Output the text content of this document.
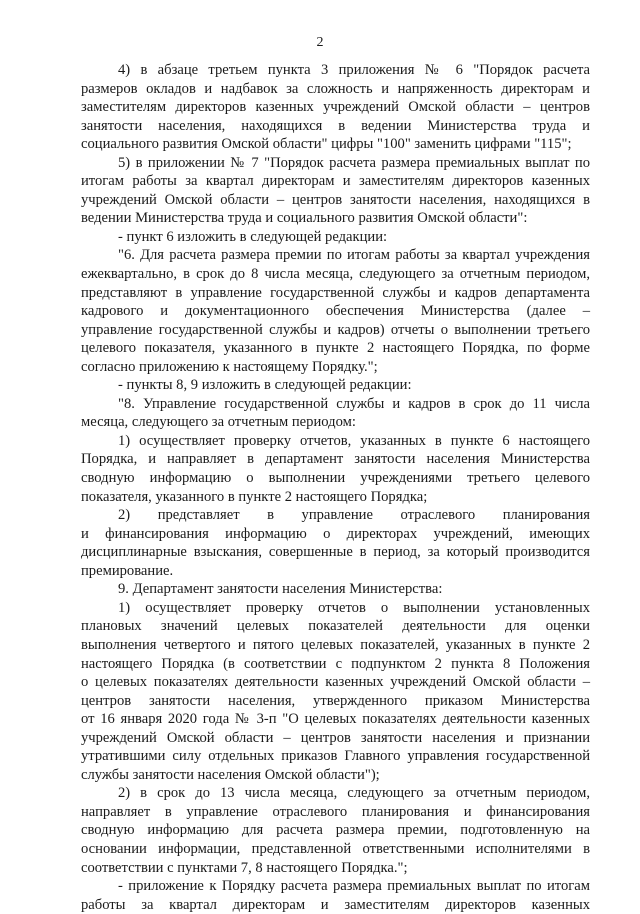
2
4) в абзаце третьем пункта 3 приложения № 6 "Порядок расчета
размеров окладов и надбавок за сложность и напряженность директорам и
заместителям директоров казенных учреждений Омской области – центров
занятости населения, находящихся в ведении Министерства труда и
социального развития Омской области" цифры "100" заменить цифрами "115";
5) в приложении № 7 "Порядок расчета размера премиальных выплат по
итогам работы за квартал директорам и заместителям директоров казенных
учреждений Омской области – центров занятости населения, находящихся в
ведении Министерства труда и социального развития Омской области":
- пункт 6 изложить в следующей редакции:
"6. Для расчета размера премии по итогам работы за квартал учреждения
ежеквартально, в срок до 8 числа месяца, следующего за отчетным периодом,
представляют в управление государственной службы и кадров департамента
кадрового и документационного обеспечения Министерства (далее –
управление государственной службы и кадров) отчеты о выполнении третьего
целевого показателя, указанного в пункте 2 настоящего Порядка, по форме
согласно приложению к настоящему Порядку.";
- пункты 8, 9 изложить в следующей редакции:
"8. Управление государственной службы и кадров в срок до 11 числа
месяца, следующего за отчетным периодом:
1) осуществляет проверку отчетов, указанных в пункте 6 настоящего
Порядка, и направляет в департамент занятости населения Министерства
сводную информацию о выполнении учреждениями третьего целевого
показателя, указанного в пункте 2 настоящего Порядка;
2) представляет в управление отраслевого планирования
и финансирования информацию о директорах учреждений, имеющих
дисциплинарные взыскания, совершенные в период, за который производится
премирование.
9. Департамент занятости населения Министерства:
1) осуществляет проверку отчетов о выполнении установленных
плановых значений целевых показателей деятельности для оценки
выполнения четвертого и пятого целевых показателей, указанных в пункте 2
настоящего Порядка (в соответствии с подпунктом 2 пункта 8 Положения
о целевых показателях деятельности казенных учреждений Омской области –
центров занятости населения, утвержденного приказом Министерства
от 16 января 2020 года № 3-п "О целевых показателях деятельности казенных
учреждений Омской области – центров занятости населения и признании
утратившими силу отдельных приказов Главного управления государственной
службы занятости населения Омской области");
2) в срок до 13 числа месяца, следующего за отчетным периодом,
направляет в управление отраслевого планирования и финансирования
сводную информацию для расчета размера премии, подготовленную на
основании информации, представленной ответственными исполнителями в
соответствии с пунктами 7, 8 настоящего Порядка.";
- приложение к Порядку расчета размера премиальных выплат по итогам
работы за квартал директорам и заместителям директоров казенных
